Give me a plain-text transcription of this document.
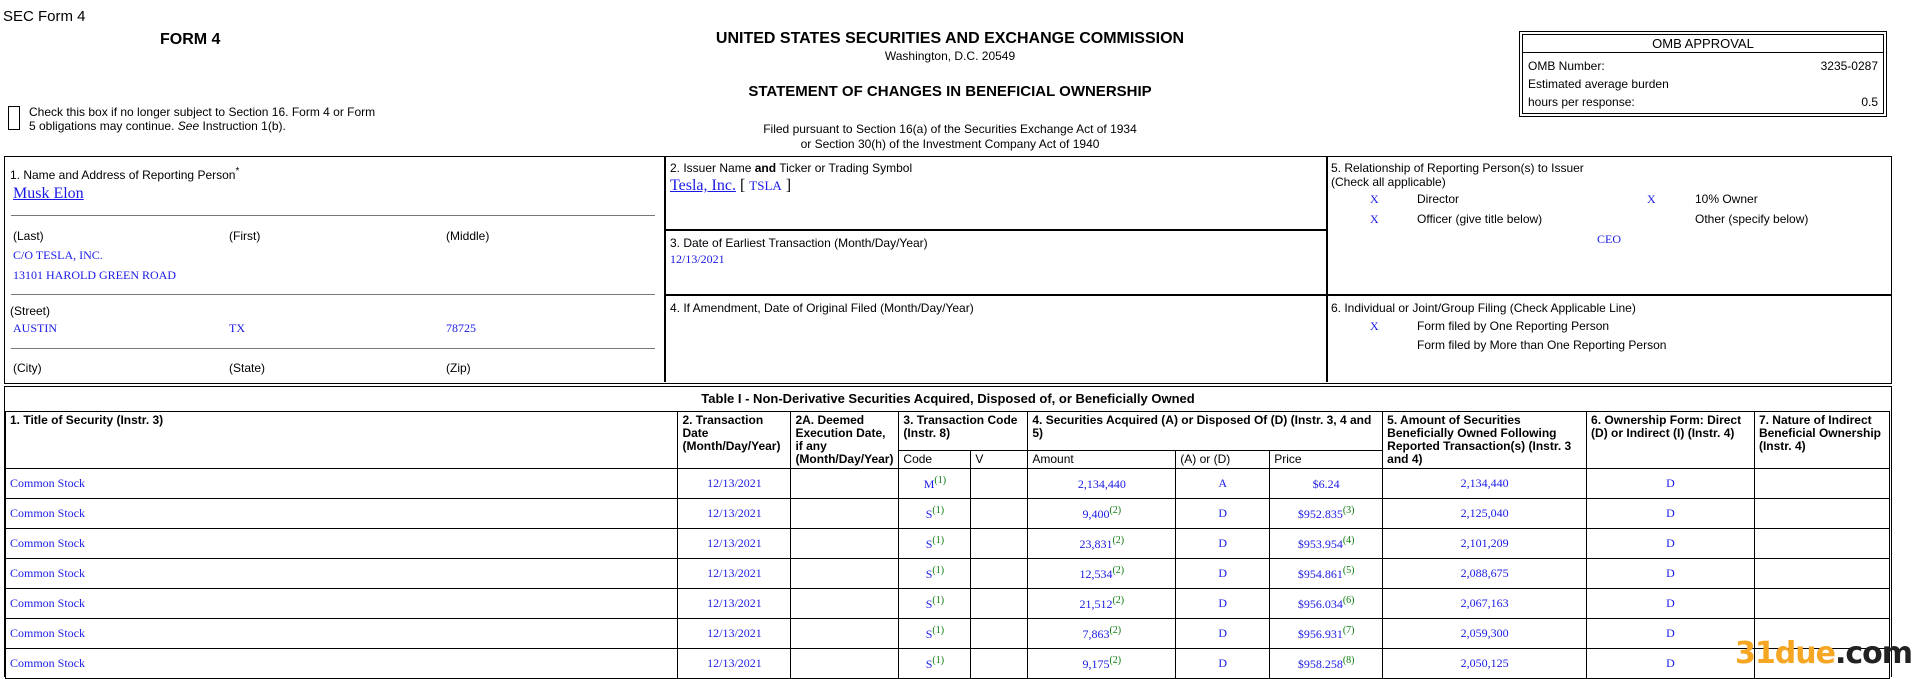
SEC Form 4
FORM 4
Check this box if no longer subject to Section 16. Form 4 or Form
5 obligations may continue. See Instruction 1(b).
UNITED STATES SECURITIES AND EXCHANGE COMMISSION
Washington, D.C. 20549
STATEMENT OF CHANGES IN BENEFICIAL OWNERSHIP
Filed pursuant to Section 16(a) of the Securities Exchange Act of 1934
or Section 30(h) of the Investment Company Act of 1940
OMB APPROVAL
OMB Number:	3235-0287
Estimated average burden
hours per response:	0.5
1. Name and Address of Reporting Person*
Musk Elon
(Last)	(First)	(Middle)
C/O TESLA, INC.
13101 HAROLD GREEN ROAD
(Street)
AUSTIN	TX	78725
(City)	(State)	(Zip)
2. Issuer Name and Ticker or Trading Symbol
Tesla, Inc. [ TSLA ]
3. Date of Earliest Transaction (Month/Day/Year)
12/13/2021
4. If Amendment, Date of Original Filed (Month/Day/Year)
5. Relationship of Reporting Person(s) to Issuer
(Check all applicable)
X	Director	X	10% Owner
X	Officer (give title below)	Other (specify below)
CEO
6. Individual or Joint/Group Filing (Check Applicable Line)
X	Form filed by One Reporting Person
Form filed by More than One Reporting Person
Table I - Non-Derivative Securities Acquired, Disposed of, or Beneficially Owned
1. Title of Security (Instr. 3)	2. Transaction Date (Month/Day/Year)	2A. Deemed Execution Date, if any (Month/Day/Year)	3. Transaction Code (Instr. 8)		4. Securities Acquired (A) or Disposed Of (D) (Instr. 3, 4 and 5)			5. Amount of Securities Beneficially Owned Following Reported Transaction(s) (Instr. 3 and 4)	6. Ownership Form: Direct (D) or Indirect (I) (Instr. 4)	7. Nature of Indirect Beneficial Ownership (Instr. 4)
			Code	V	Amount	(A) or (D)	Price			
Common Stock	12/13/2021		$M^{(1)}$		2,134,440	A	$6.24	2,134,440	D	
Common Stock	12/13/2021		$S^{(1)}$		9,400$^{(2)}$	D	$952.835$^{(3)}$	2,125,040	D	
Common Stock	12/13/2021		$S^{(1)}$		23,831$^{(2)}$	D	$953.954$^{(4)}$	2,101,209	D	
Common Stock	12/13/2021		$S^{(1)}$		12,534$^{(2)}$	D	$954.861$^{(5)}$	2,088,675	D	
Common Stock	12/13/2021		$S^{(1)}$		21,512$^{(2)}$	D	$956.034$^{(6)}$	2,067,163	D	
Common Stock	12/13/2021		$S^{(1)}$		7,863$^{(2)}$	D	$956.931$^{(7)}$	2,059,300	D	
Common Stock	12/13/2021		$S^{(1)}$		9,175$^{(2)}$	D	$958.258$^{(8)}$	2,050,125	D	31due.com
